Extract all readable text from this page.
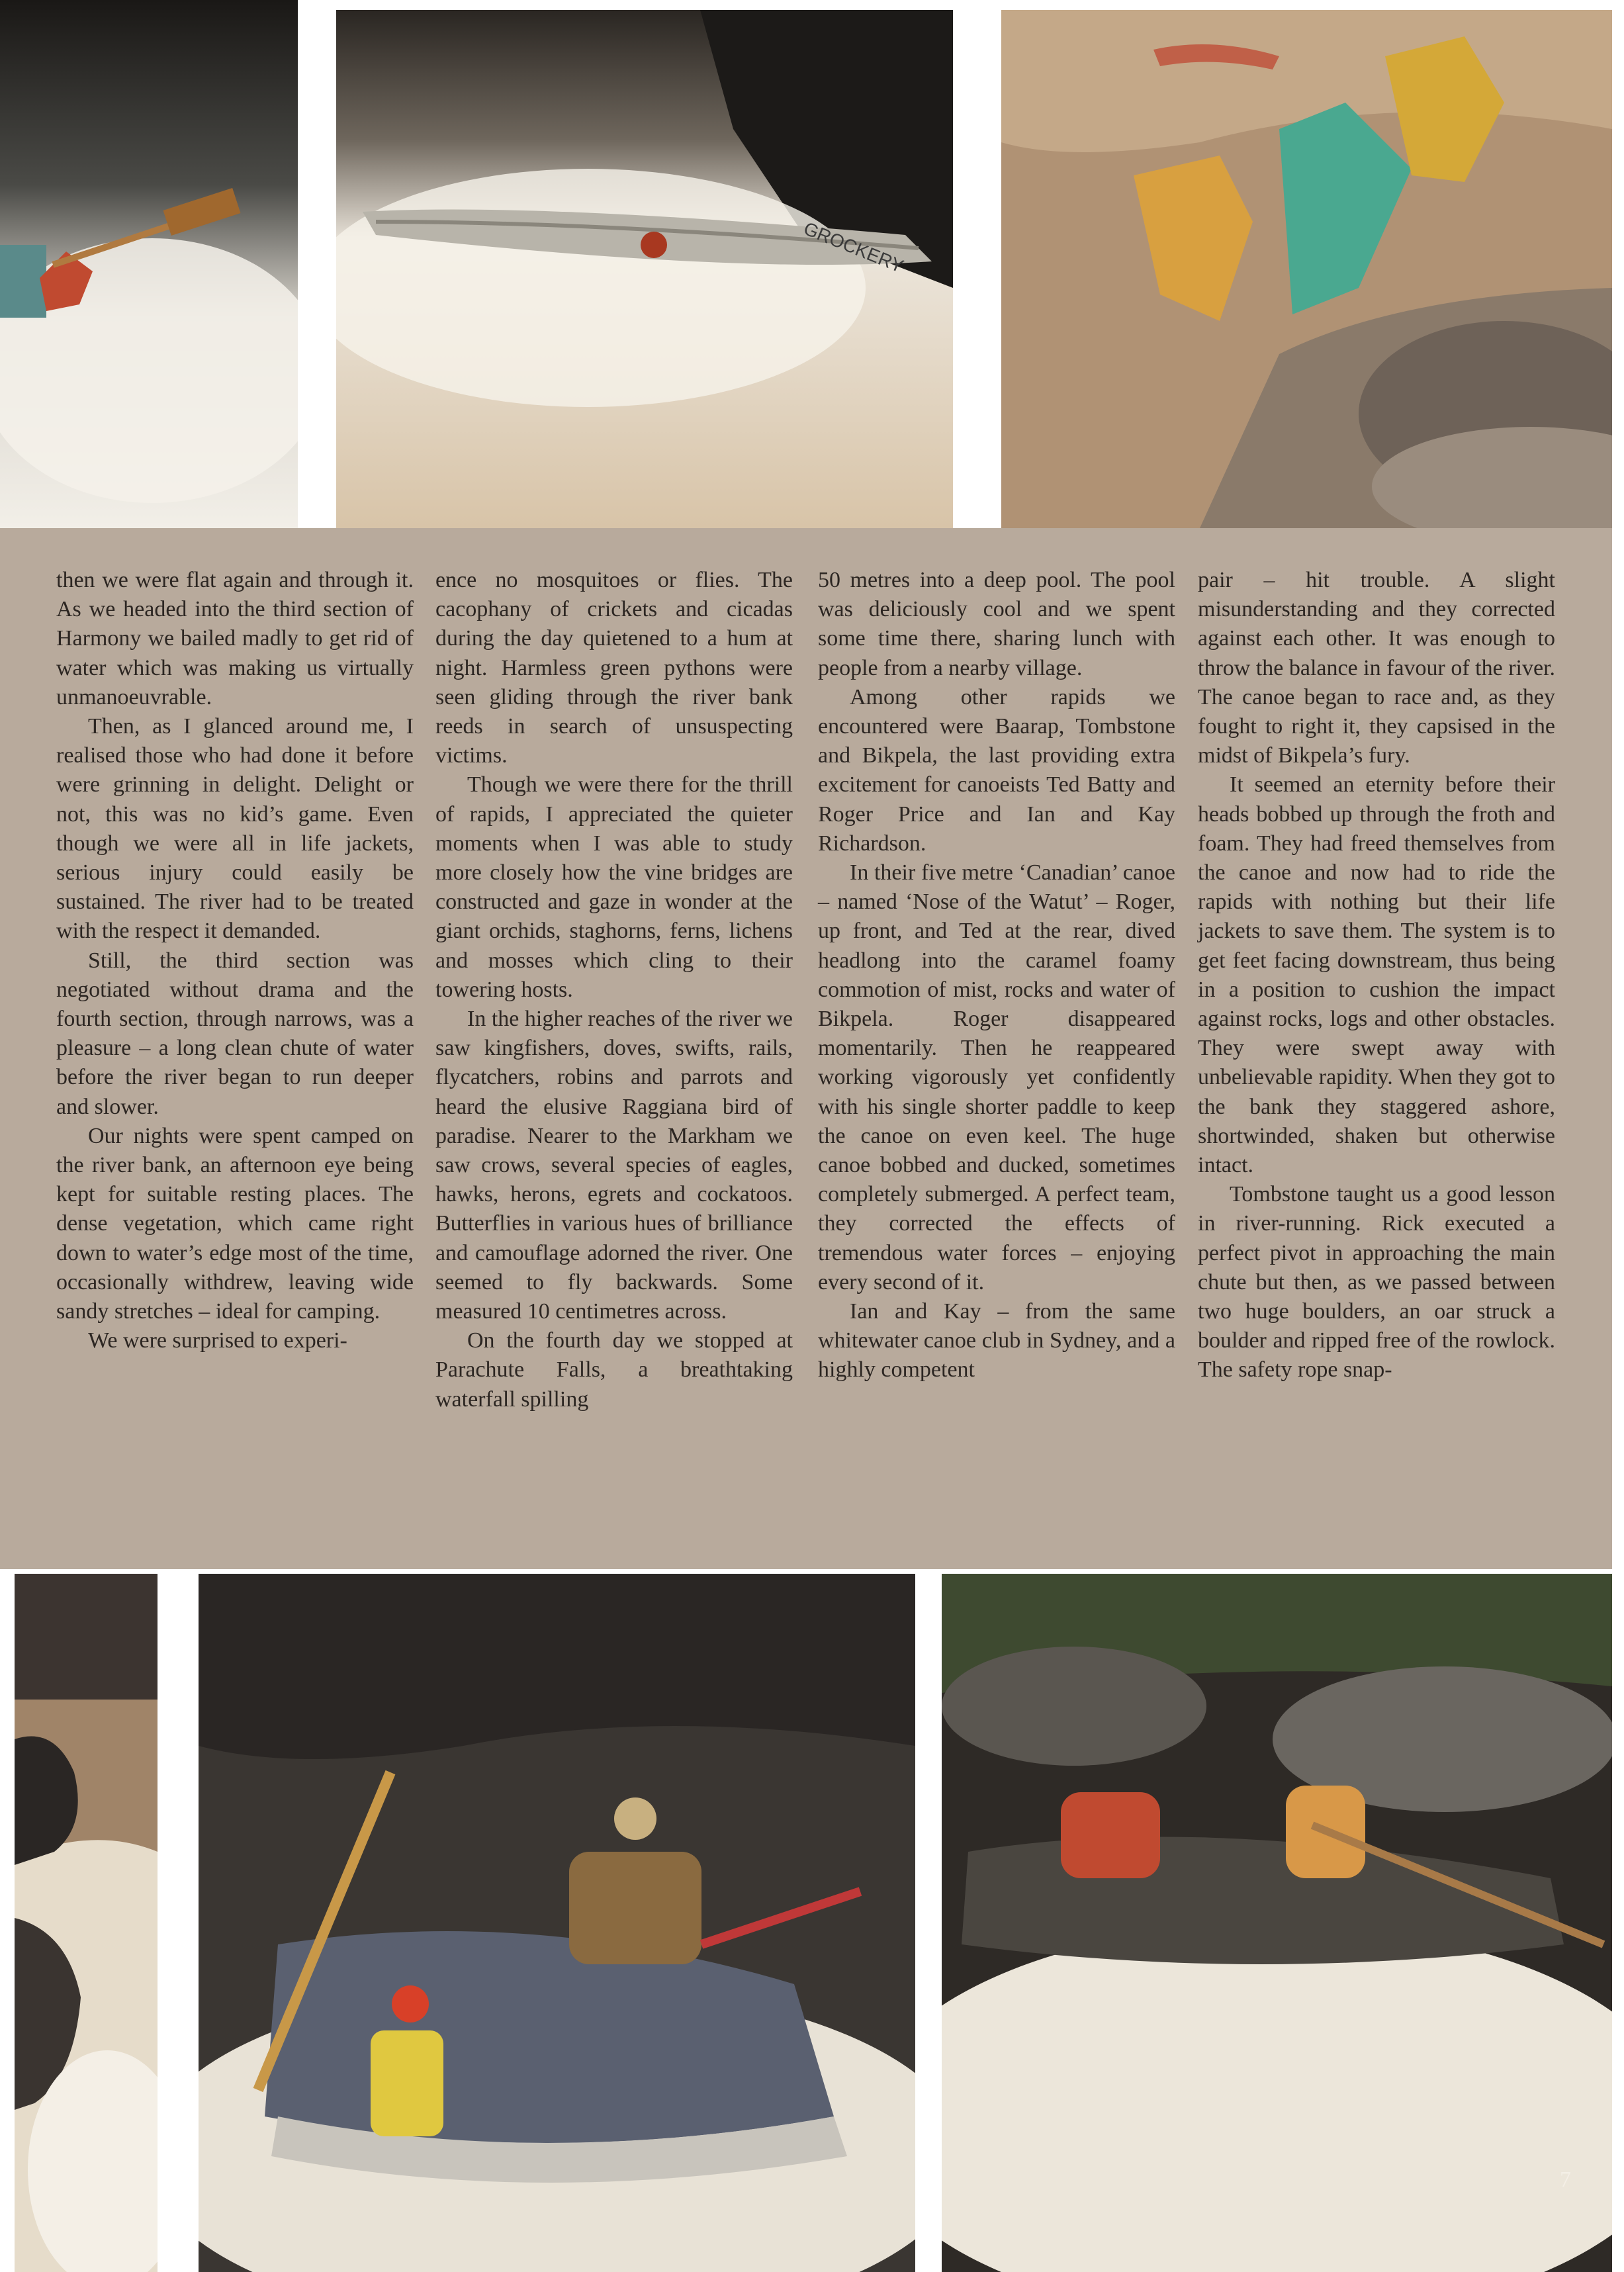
GROCKERY

then we were flat again and through it. As we headed into the third section of Harmony we bailed madly to get rid of water which was making us virtually unmanoeuvrable.

Then, as I glanced around me, I realised those who had done it before were grinning in delight. Delight or not, this was no kid’s game. Even though we were all in life jackets, serious injury could easily be sustained. The river had to be treated with the respect it demanded.

Still, the third section was negotiated without drama and the fourth section, through narrows, was a pleasure – a long clean chute of water before the river began to run deeper and slower.

Our nights were spent camped on the river bank, an afternoon eye being kept for suitable resting places. The dense vegetation, which came right down to water’s edge most of the time, occasionally withdrew, leaving wide sandy stretches – ideal for camping.

We were surprised to experi-

ence no mosquitoes or flies. The cacophany of crickets and cicadas during the day quietened to a hum at night. Harmless green pythons were seen gliding through the river bank reeds in search of unsuspecting victims.

Though we were there for the thrill of rapids, I appreciated the quieter moments when I was able to study more closely how the vine bridges are constructed and gaze in wonder at the giant orchids, staghorns, ferns, lichens and mosses which cling to their towering hosts.

In the higher reaches of the river we saw kingfishers, doves, swifts, rails, flycatchers, robins and parrots and heard the elusive Raggiana bird of paradise. Nearer to the Markham we saw crows, several species of eagles, hawks, herons, egrets and cockatoos. Butterflies in various hues of brilliance and camouflage adorned the river. One seemed to fly backwards. Some measured 10 centimetres across.

On the fourth day we stopped at Parachute Falls, a breathtaking waterfall spilling

50 metres into a deep pool. The pool was deliciously cool and we spent some time there, sharing lunch with people from a nearby village.

Among other rapids we encountered were Baarap, Tombstone and Bikpela, the last providing extra excitement for canoeists Ted Batty and Roger Price and Ian and Kay Richardson.

In their five metre ‘Canadian’ canoe – named ‘Nose of the Watut’ – Roger, up front, and Ted at the rear, dived headlong into the caramel foamy commotion of mist, rocks and water of Bikpela. Roger disappeared momentarily. Then he reappeared working vigorously yet confidently with his single shorter paddle to keep the canoe on even keel. The huge canoe bobbed and ducked, sometimes completely submerged. A perfect team, they corrected the effects of tremendous water forces – enjoying every second of it.

Ian and Kay – from the same whitewater canoe club in Sydney, and a highly competent

pair – hit trouble. A slight misunderstanding and they corrected against each other. It was enough to throw the balance in favour of the river. The canoe began to race and, as they fought to right it, they capsised in the midst of Bikpela’s fury.

It seemed an eternity before their heads bobbed up through the froth and foam. They had freed themselves from the canoe and now had to ride the rapids with nothing but their life jackets to save them. The system is to get feet facing downstream, thus being in a position to cushion the impact against rocks, logs and other obstacles. They were swept away with unbelievable rapidity. When they got to the bank they staggered ashore, shortwinded, shaken but otherwise intact.

Tombstone taught us a good lesson in river-running. Rick executed a perfect pivot in approaching the main chute but then, as we passed between two huge boulders, an oar struck a boulder and ripped free of the rowlock. The safety rope snap-

7
